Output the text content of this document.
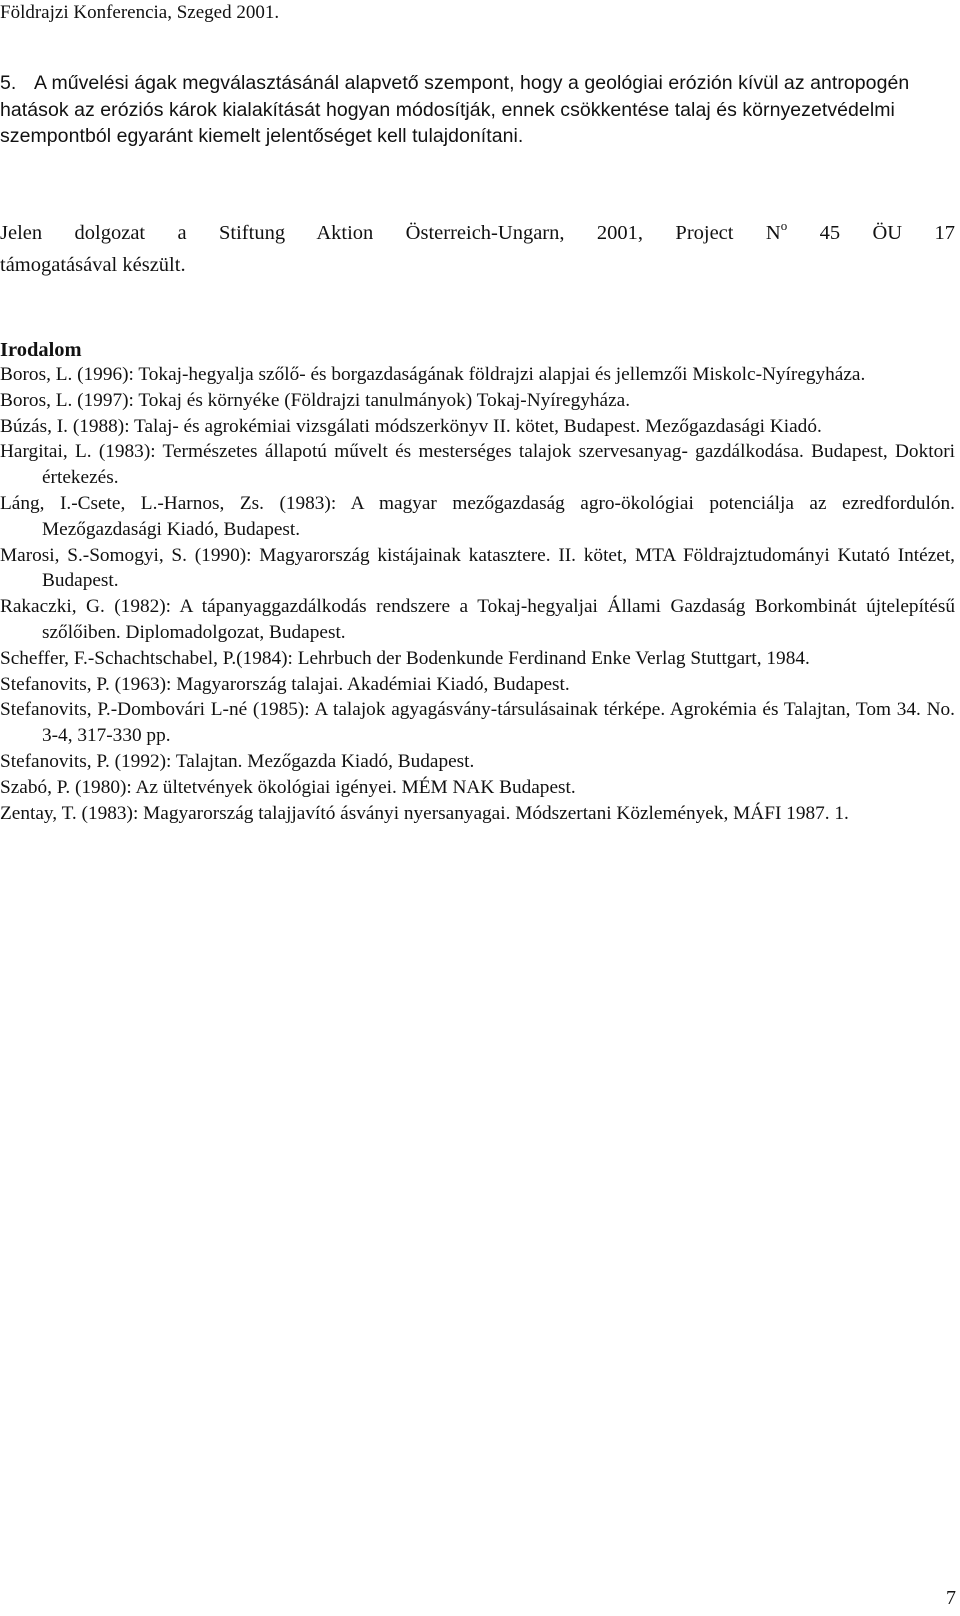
Földrajzi Konferencia, Szeged 2001.
5. A művelési ágak megválasztásánál alapvető szempont, hogy a geológiai erózión kívül az antropogén hatások az eróziós károk kialakítását hogyan módosítják, ennek csökkentése talaj és környezetvédelmi szempontból egyaránt kiemelt jelentőséget kell tulajdonítani.
Jelen dolgozat a Stiftung Aktion Österreich-Ungarn, 2001, Project $N^o$ 45 ÖU 17
támogatásával készült.
Irodalom
Boros, L. (1996): Tokaj-hegyalja szőlő- és borgazdaságának földrajzi alapjai és jellemzői Miskolc-Nyíregyháza.
Boros, L. (1997): Tokaj és környéke (Földrajzi tanulmányok) Tokaj-Nyíregyháza.
Búzás, I. (1988): Talaj- és agrokémiai vizsgálati módszerkönyv II. kötet, Budapest. Mezőgazdasági Kiadó.
Hargitai, L. (1983): Természetes állapotú művelt és mesterséges talajok szervesanyag- gazdálkodása. Budapest, Doktori értekezés.
Láng, I.-Csete, L.-Harnos, Zs. (1983): A magyar mezőgazdaság agro-ökológiai potenciálja az ezredfordulón. Mezőgazdasági Kiadó, Budapest.
Marosi, S.-Somogyi, S. (1990): Magyarország kistájainak katasztere. II. kötet, MTA Földrajztudományi Kutató Intézet, Budapest.
Rakaczki, G. (1982): A tápanyaggazdálkodás rendszere a Tokaj-hegyaljai Állami Gazdaság Borkombinát újtelepítésű szőlőiben. Diplomadolgozat, Budapest.
Scheffer, F.-Schachtschabel, P.(1984): Lehrbuch der Bodenkunde Ferdinand Enke Verlag Stuttgart, 1984.
Stefanovits, P. (1963): Magyarország talajai. Akadémiai Kiadó, Budapest.
Stefanovits, P.-Dombovári L-né (1985): A talajok agyagásvány-társulásainak térképe. Agrokémia és Talajtan, Tom 34. No. 3-4, 317-330 pp.
Stefanovits, P. (1992): Talajtan. Mezőgazda Kiadó, Budapest.
Szabó, P. (1980): Az ültetvények ökológiai igényei. MÉM NAK Budapest.
Zentay, T. (1983): Magyarország talajjavító ásványi nyersanyagai. Módszertani Közlemények, MÁFI 1987. 1.
7
